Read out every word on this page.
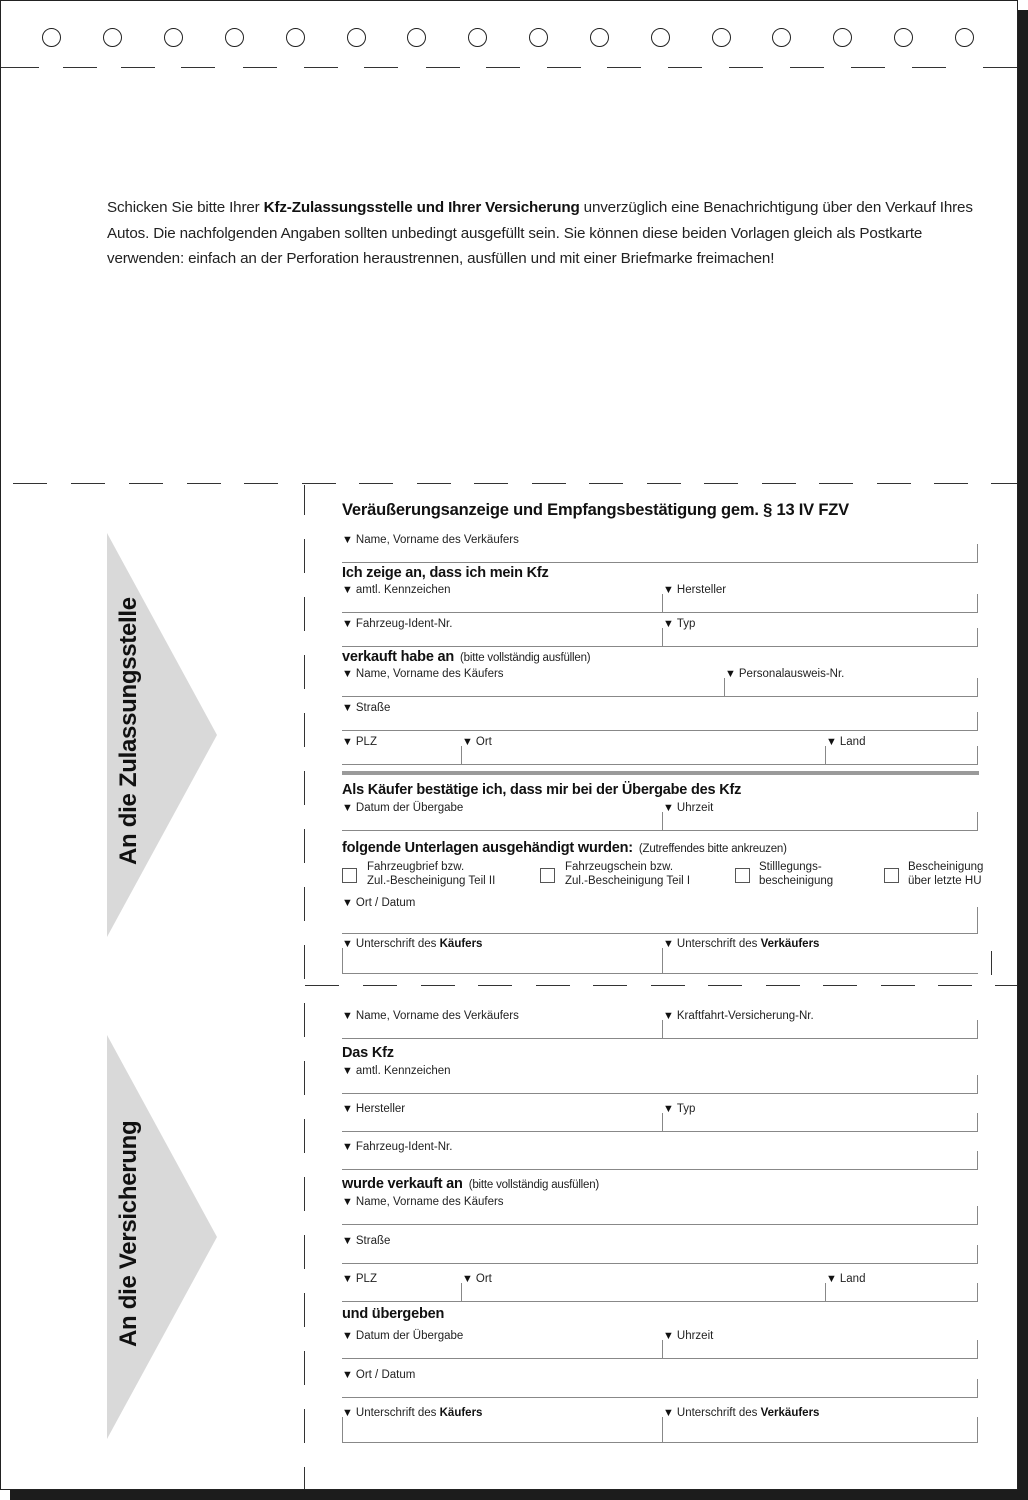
Schicken Sie bitte Ihrer Kfz-Zulassungsstelle und Ihrer Versicherung unverzüglich eine Benachrichtigung über den Verkauf Ihres Autos. Die nachfolgenden Angaben sollten unbedingt ausgefüllt sein. Sie können diese beiden Vorlagen gleich als Postkarte verwenden: einfach an der Perforation heraustrennen, ausfüllen und mit einer Briefmarke freimachen!
An die Zulassungsstelle
An die Versicherung
Veräußerungsanzeige und Empfangsbestätigung gem. § 13 IV FZV
▼ Name, Vorname des Verkäufers
Ich zeige an, dass ich mein Kfz
▼ amtl. Kennzeichen	▼ Hersteller
▼ Fahrzeug-Ident-Nr.	▼ Typ
verkauft habe an (bitte vollständig ausfüllen)
▼ Name, Vorname des Käufers	▼ Personalausweis-Nr.
▼ Straße
▼ PLZ	▼ Ort	▼ Land
Als Käufer bestätige ich, dass mir bei der Übergabe des Kfz
▼ Datum der Übergabe	▼ Uhrzeit
folgende Unterlagen ausgehändigt wurden: (Zutreffendes bitte ankreuzen)
Fahrzeugbrief bzw.
Zul.-Bescheinigung Teil II
Fahrzeugschein bzw.
Zul.-Bescheinigung Teil I
Stilllegungs-
bescheinigung
Bescheinigung
über letzte HU
▼ Ort / Datum
▼ Unterschrift des Käufers	▼ Unterschrift des Verkäufers
▼ Name, Vorname des Verkäufers	▼ Kraftfahrt-Versicherung-Nr.
Das Kfz
▼ amtl. Kennzeichen
▼ Hersteller	▼ Typ
▼ Fahrzeug-Ident-Nr.
wurde verkauft an (bitte vollständig ausfüllen)
▼ Name, Vorname des Käufers
▼ Straße
▼ PLZ	▼ Ort	▼ Land
und übergeben
▼ Datum der Übergabe	▼ Uhrzeit
▼ Ort / Datum
▼ Unterschrift des Käufers	▼ Unterschrift des Verkäufers
